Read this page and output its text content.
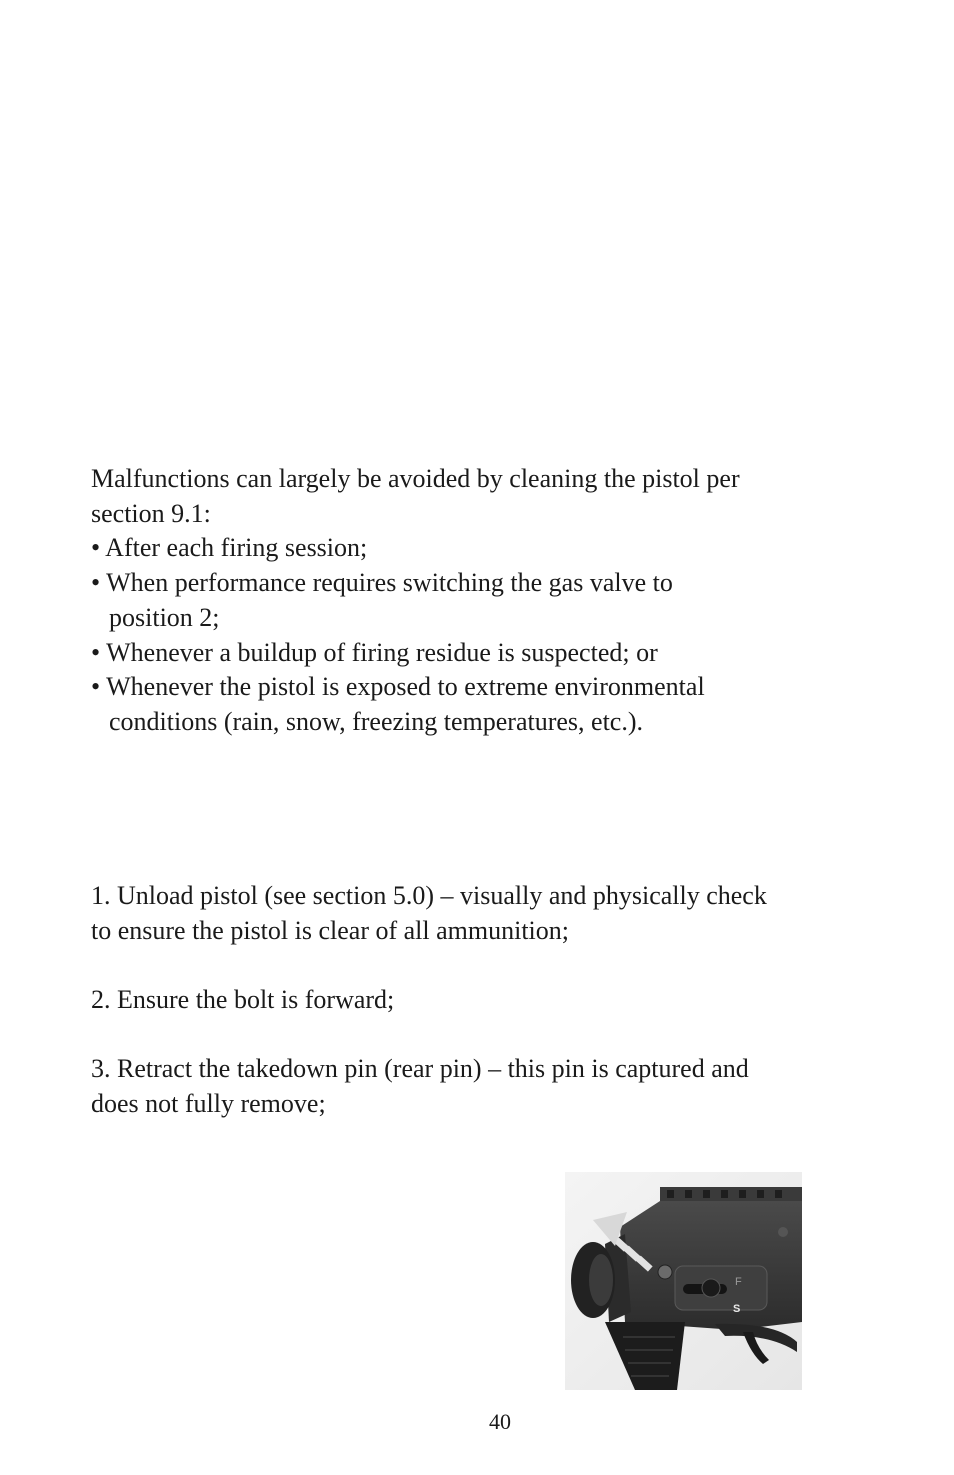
Malfunctions can largely be avoided by cleaning the pistol per
section 9.1:
• After each firing session;
• When performance requires switching the gas valve to
position 2;
• Whenever a buildup of firing residue is suspected; or
• Whenever the pistol is exposed to extreme environmental
conditions (rain, snow, freezing temperatures, etc.).
1. Unload pistol (see section 5.0) – visually and physically check
to ensure the pistol is clear of all ammunition;
2. Ensure the bolt is forward;
3. Retract the takedown pin (rear pin) – this pin is captured and
does not fully remove;
F
S
40
